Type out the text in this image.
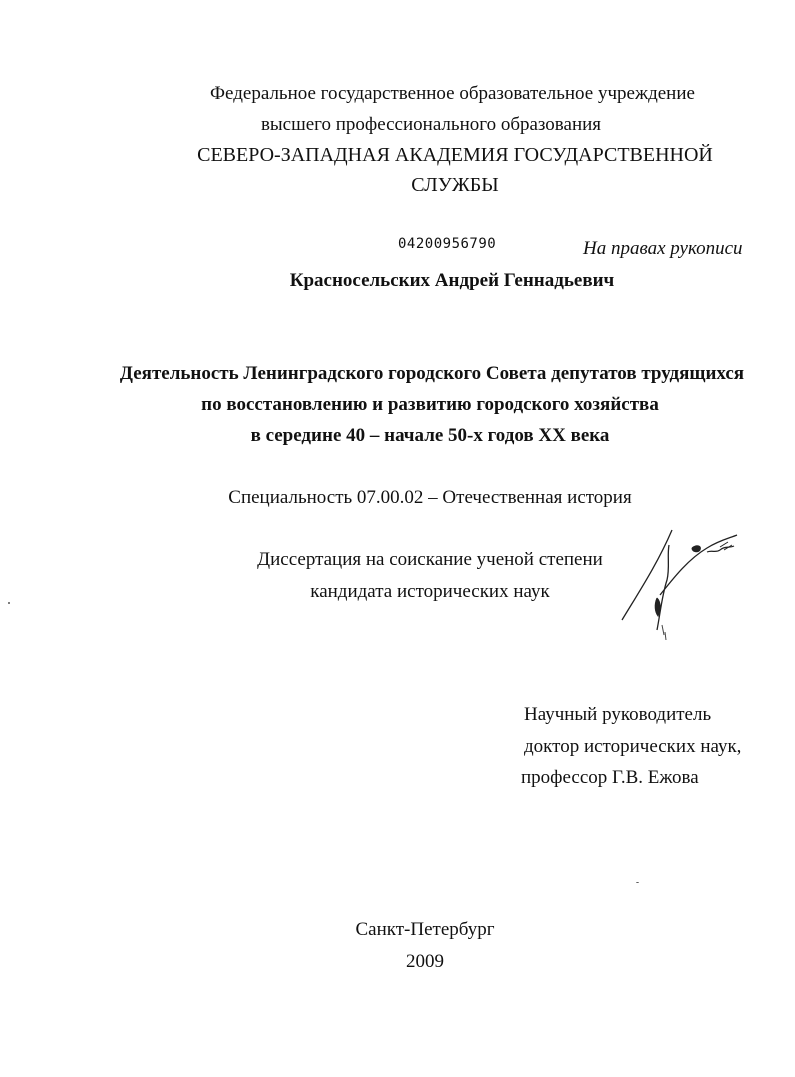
Федеральное государственное образовательное учреждение
высшего профессионального образования
СЕВЕРО-ЗАПАДНАЯ АКАДЕМИЯ ГОСУДАРСТВЕННОЙ
СЛУЖБЫ
04200956790	На правах рукописи
Красносельских Андрей Геннадьевич
Деятельность Ленинградского городского Совета депутатов трудящихся
по восстановлению и развитию городского хозяйства
в середине 40 – начале 50-х годов XX века
Специальность 07.00.02 – Отечественная история
Диссертация на соискание ученой степени
кандидата исторических наук
Научный руководитель
доктор исторических наук,
профессор Г.В. Ежова
Санкт-Петербург
2009
